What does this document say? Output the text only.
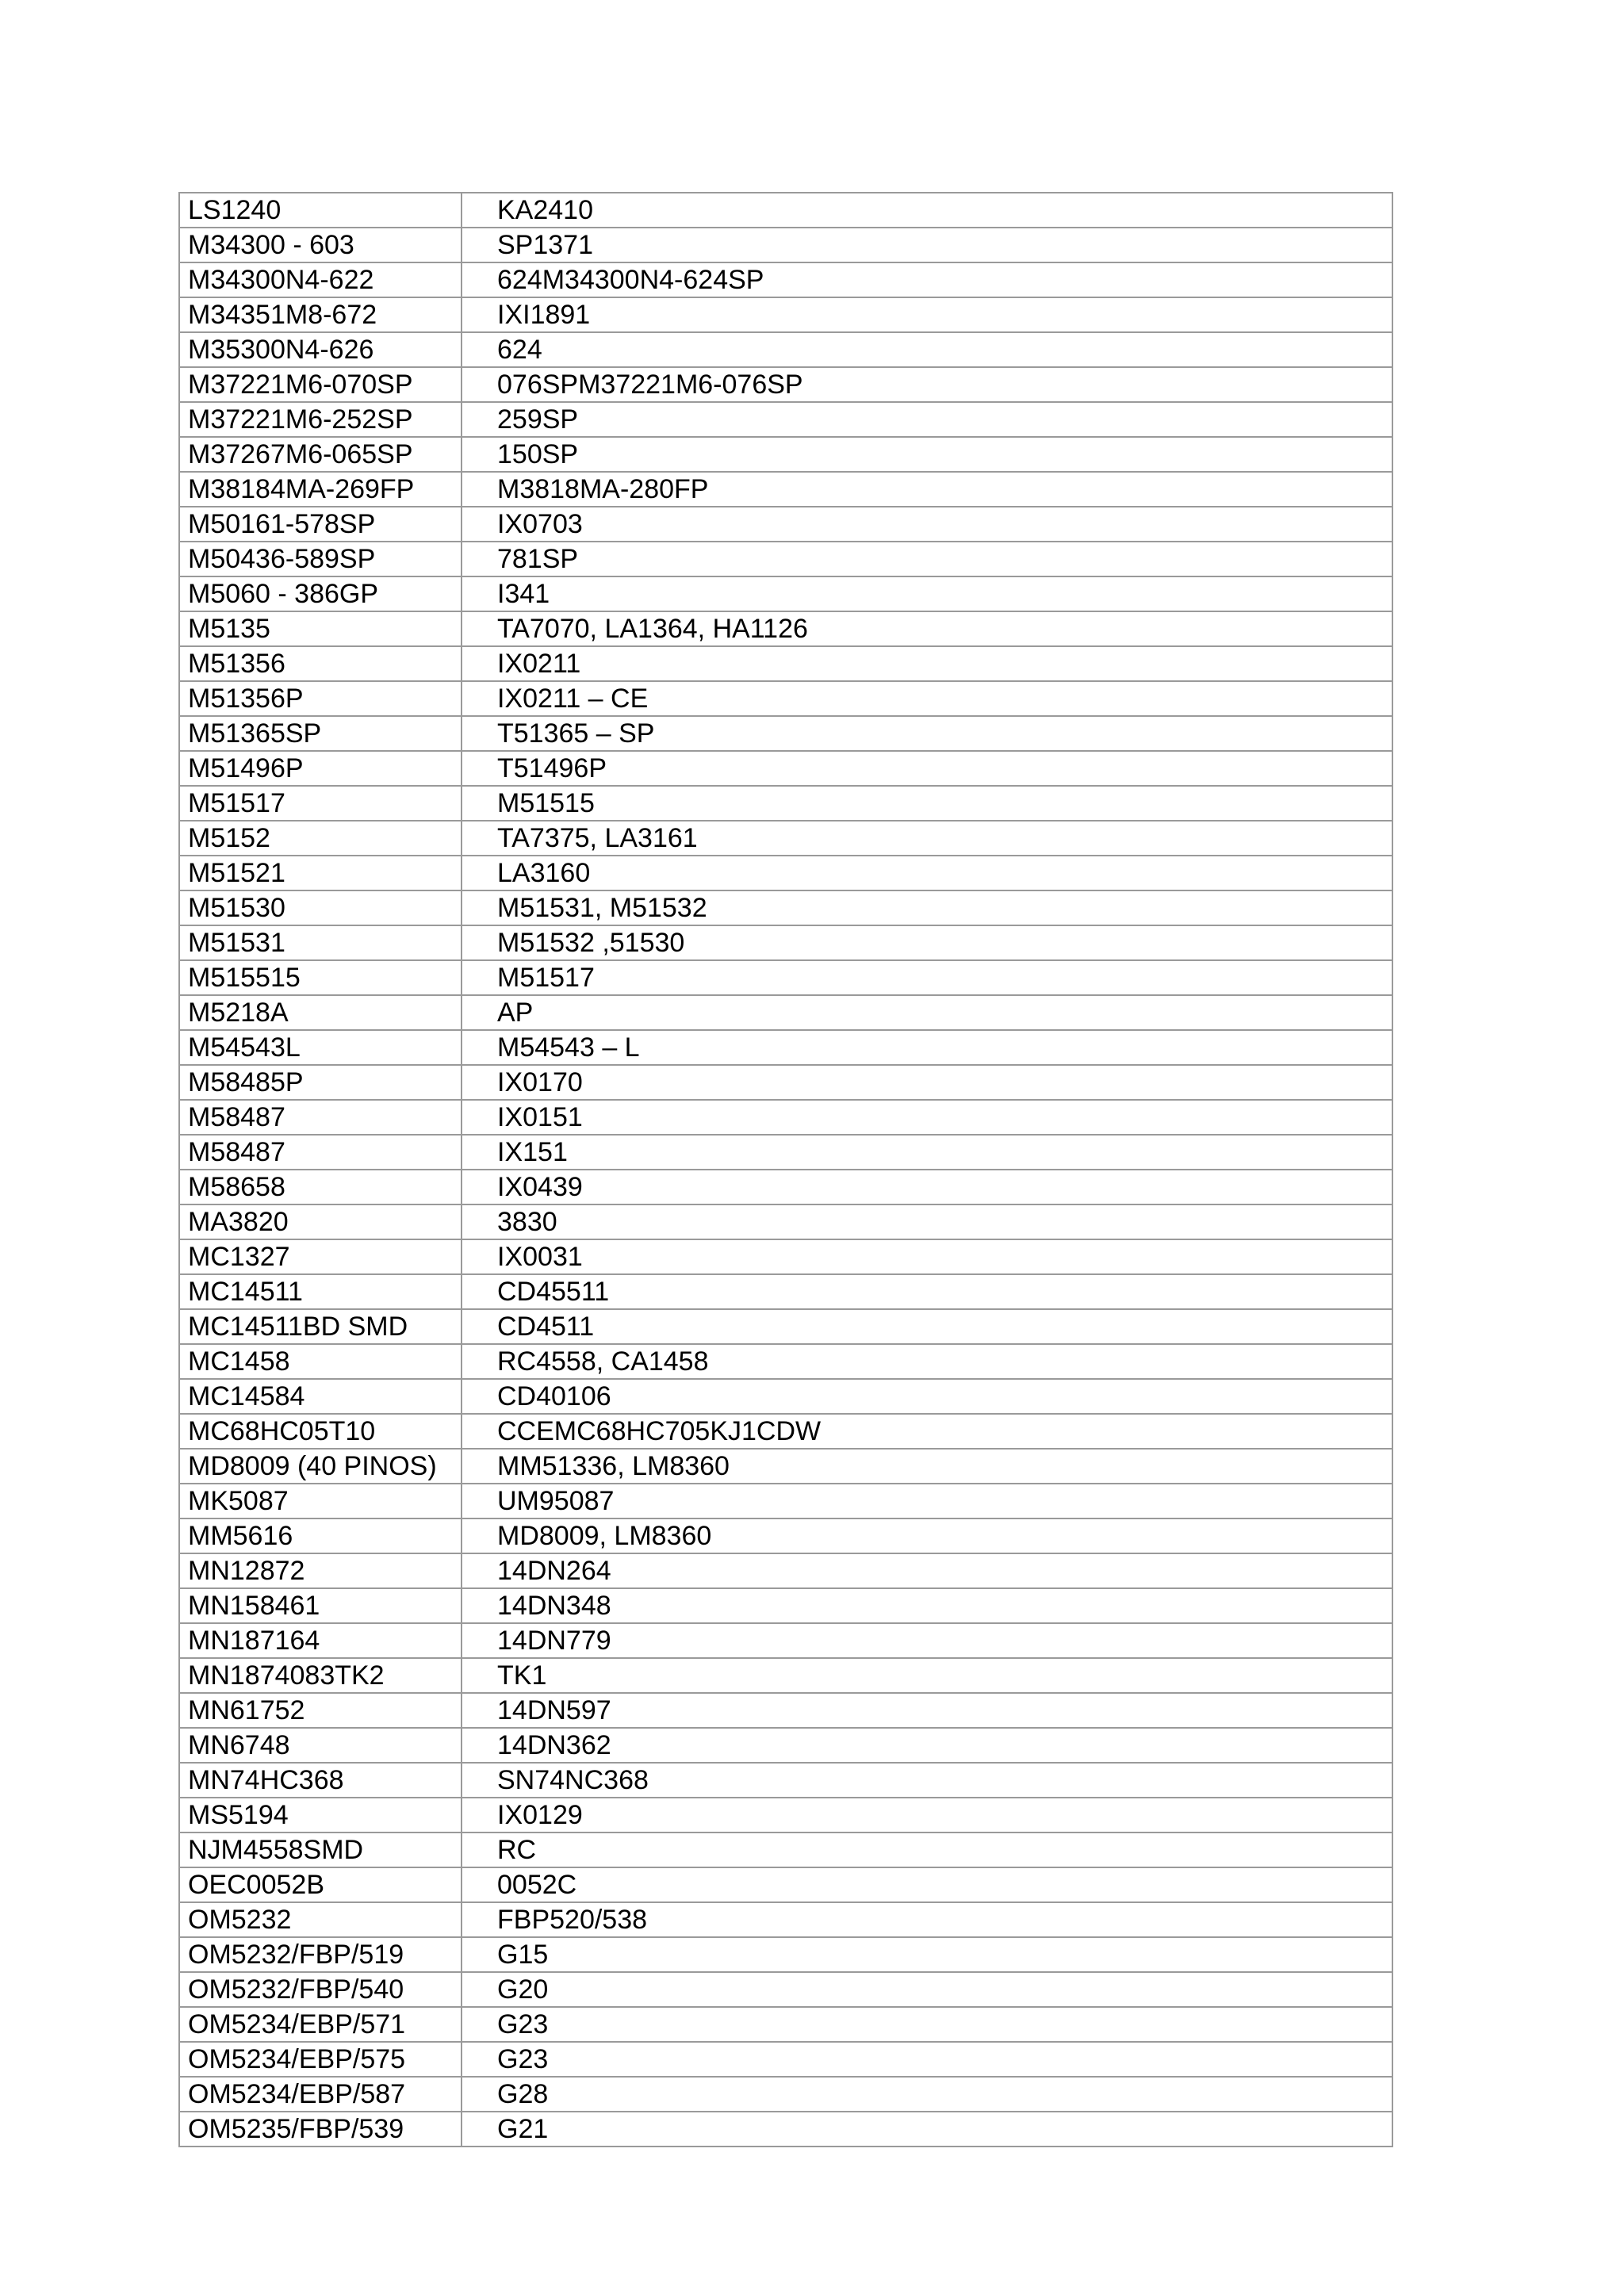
LS1240	KA2410
M34300 - 603	SP1371
M34300N4-622	624M34300N4-624SP
M34351M8-672	IXI1891
M35300N4-626	624
M37221M6-070SP	076SPM37221M6-076SP
M37221M6-252SP	259SP
M37267M6-065SP	150SP
M38184MA-269FP	M3818MA-280FP
M50161-578SP	IX0703
M50436-589SP	781SP
M5060 - 386GP	I341
M5135	TA7070, LA1364, HA1126
M51356	IX0211
M51356P	IX0211 – CE
M51365SP	T51365 – SP
M51496P	T51496P
M51517	M51515
M5152	TA7375, LA3161
M51521	LA3160
M51530	M51531, M51532
M51531	M51532 ,51530
M515515	M51517
M5218A	AP
M54543L	M54543 – L
M58485P	IX0170
M58487	IX0151
M58487	IX151
M58658	IX0439
MA3820	3830
MC1327	IX0031
MC14511	CD45511
MC14511BD SMD	CD4511
MC1458	RC4558, CA1458
MC14584	CD40106
MC68HC05T10	CCEMC68HC705KJ1CDW
MD8009 (40 PINOS)	MM51336, LM8360
MK5087	UM95087
MM5616	MD8009, LM8360
MN12872	14DN264
MN158461	14DN348
MN187164	14DN779
MN1874083TK2	TK1
MN61752	14DN597
MN6748	14DN362
MN74HC368	SN74NC368
MS5194	IX0129
NJM4558SMD	RC
OEC0052B	0052C
OM5232	FBP520/538
OM5232/FBP/519	G15
OM5232/FBP/540	G20
OM5234/EBP/571	G23
OM5234/EBP/575	G23
OM5234/EBP/587	G28
OM5235/FBP/539	G21
